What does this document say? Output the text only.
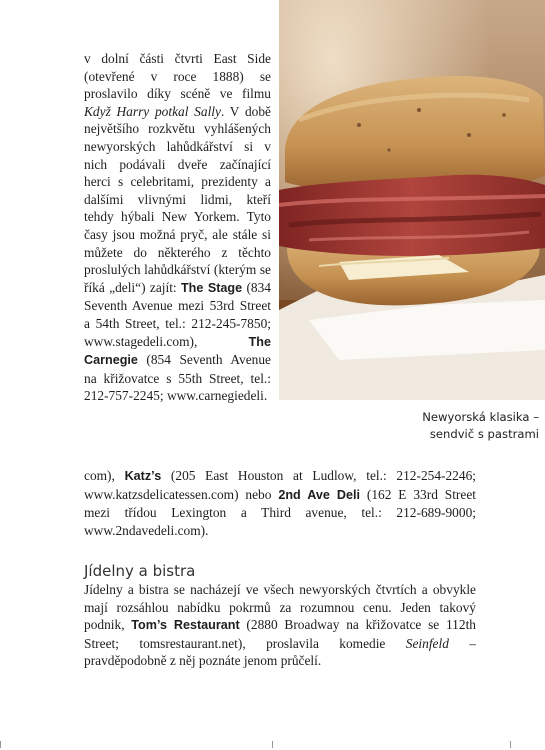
v dolní části čtvrti East Side (otevřené v roce 1888) se proslavilo díky scéně ve filmu Když Harry potkal Sally. V době největšího rozkvětu vyhlášených newyorských lahůdkářství si v nich podávali dveře začínající herci s celebritami, prezidenty a dalšími vlivnými lidmi, kteří tehdy hýbali New Yorkem. Tyto časy jsou možná pryč, ale stále si můžete do některého z těchto proslulých lahůdkářství (kterým se říká „deli“) zajít: The Stage (834 Seventh Avenue mezi 53rd Street a 54th Street, tel.: 212-245-7850; www.stagedeli.com), The Carnegie (854 Seventh Avenue na křižovatce s 55th Street, tel.: 212-757-2245; www.carnegiedeli.

Newyorská klasika –
sendvič s pastrami

com), Katz’s (205 East Houston at Ludlow, tel.: 212-254-2246; www.katzsdelicatessen.com) nebo 2nd Ave Deli (162 E 33rd Street mezi třídou Lexington a Third avenue, tel.: 212-689-9000; www.2ndavedeli.com).

Jídelny a bistra

Jídelny a bistra se nacházejí ve všech newyorských čtvrtích a obvykle mají rozsáhlou nabídku pokrmů za rozumnou cenu. Jeden takový podnik, Tom’s Restaurant (2880 Broadway na křižovatce se 112th Street; tomsrestaurant.net), proslavila komedie Seinfeld – pravděpodobně z něj poznáte jenom průčelí.
